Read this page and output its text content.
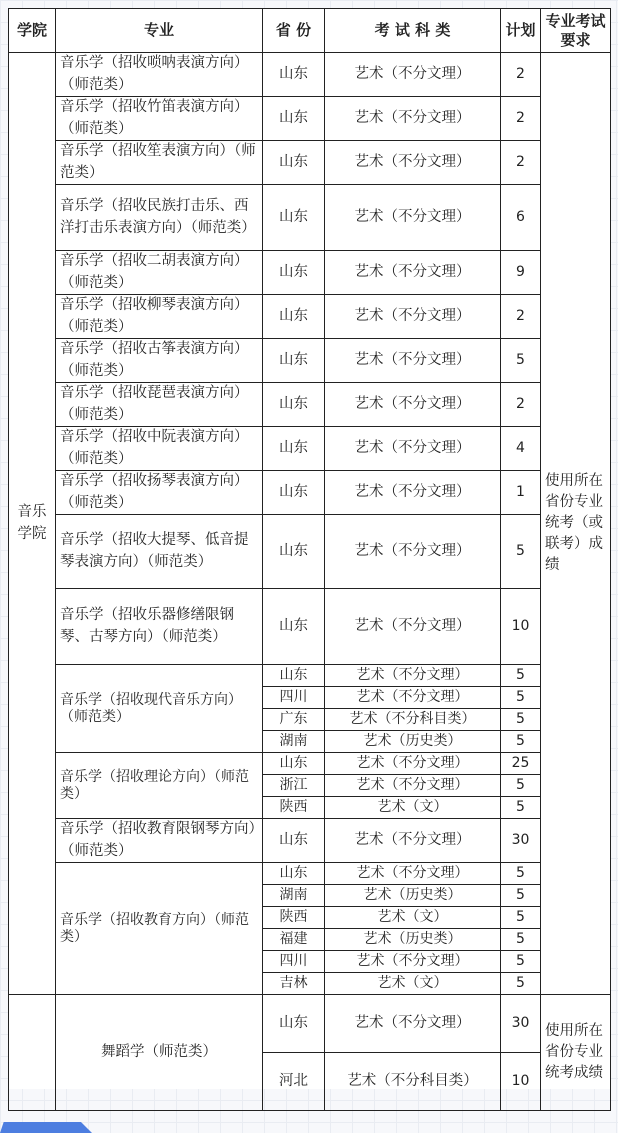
学院	专业	省 份	考 试 科 类	计划	专业考试要求
音乐学院	音乐学（招收唢呐表演方向）（师范类）	山东	艺术（不分文理）	2	使用所在省份专业统考（或联考）成绩
	音乐学（招收竹笛表演方向）（师范类）	山东	艺术（不分文理）	2	
	音乐学（招收笙表演方向）（师范类）	山东	艺术（不分文理）	2	
	音乐学（招收民族打击乐、西洋打击乐表演方向）（师范类）	山东	艺术（不分文理）	6	
	音乐学（招收二胡表演方向）（师范类）	山东	艺术（不分文理）	9	
	音乐学（招收柳琴表演方向）（师范类）	山东	艺术（不分文理）	2	
	音乐学（招收古筝表演方向）（师范类）	山东	艺术（不分文理）	5	
	音乐学（招收琵琶表演方向）（师范类）	山东	艺术（不分文理）	2	
	音乐学（招收中阮表演方向）（师范类）	山东	艺术（不分文理）	4	
	音乐学（招收扬琴表演方向）（师范类）	山东	艺术（不分文理）	1	
	音乐学（招收大提琴、低音提琴表演方向）（师范类）	山东	艺术（不分文理）	5	
	音乐学（招收乐器修缮限钢琴、古琴方向）（师范类）	山东	艺术（不分文理）	10	
	音乐学（招收现代音乐方向）（师范类）	山东	艺术（不分文理）	5	
		四川	艺术（不分文理）	5	
		广东	艺术（不分科目类）	5	
		湖南	艺术（历史类）	5	
	音乐学（招收理论方向）（师范类）	山东	艺术（不分文理）	25	
		浙江	艺术（不分文理）	5	
		陕西	艺术（文）	5	
	音乐学（招收教育限钢琴方向）（师范类）	山东	艺术（不分文理）	30	
	音乐学（招收教育方向）（师范类）	山东	艺术（不分文理）	5	
		湖南	艺术（历史类）	5	
		陕西	艺术（文）	5	
		福建	艺术（历史类）	5	
		四川	艺术（不分文理）	5	
		吉林	艺术（文）	5	
	舞蹈学（师范类）	山东	艺术（不分文理）	30	使用所在省份专业统考成绩
		河北	艺术（不分科目类）	10	
